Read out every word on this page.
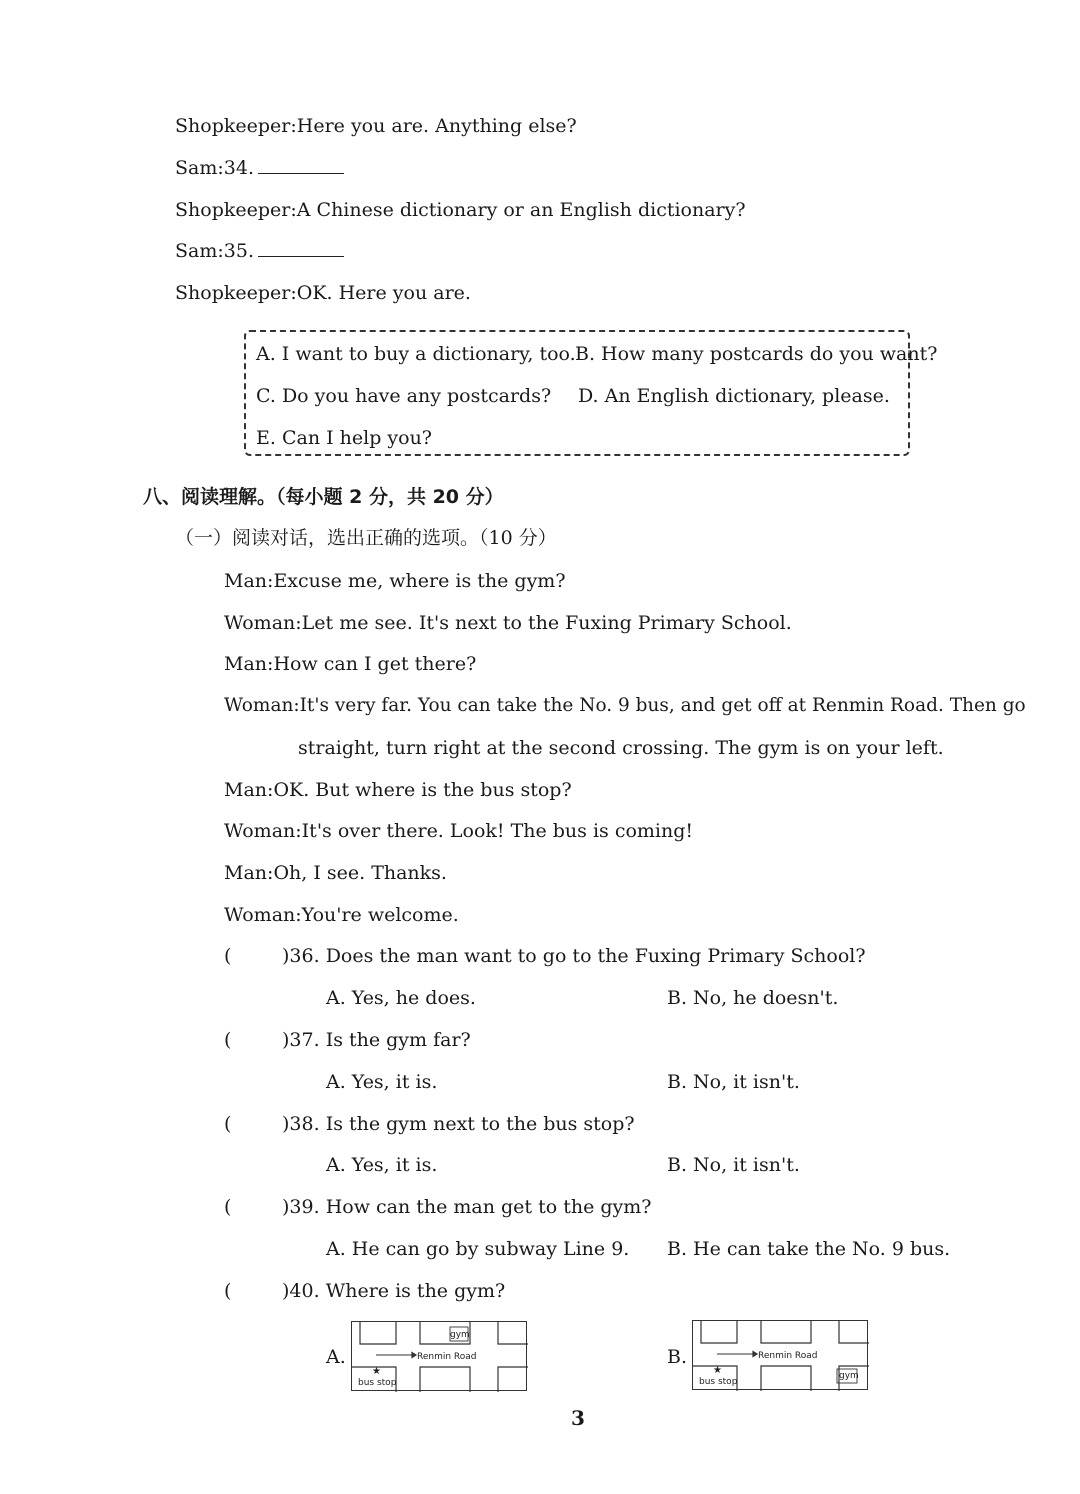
Shopkeeper:Here you are. Anything else?
Sam:34.
Shopkeeper:A Chinese dictionary or an English dictionary?
Sam:35.
Shopkeeper:OK. Here you are.
A. I want to buy a dictionary, too. B. How many postcards do you want?
C. Do you have any postcards? D. An English dictionary, please.
E. Can I help you?
八、阅读理解。（每小题 2 分，共 20 分）
（一）阅读对话，选出正确的选项。（10 分）
Man:Excuse me, where is the gym?
Woman:Let me see. It's next to the Fuxing Primary School.
Man:How can I get there?
Woman:It's very far. You can take the No. 9 bus, and get off at Renmin Road. Then go
straight, turn right at the second crossing. The gym is on your left.
Man:OK. But where is the bus stop?
Woman:It's over there. Look! The bus is coming!
Man:Oh, I see. Thanks.
Woman:You're welcome.
(	)36. Does the man want to go to the Fuxing Primary School?
A. Yes, he does.	B. No, he doesn't.
(	)37. Is the gym far?
A. Yes, it is.	B. No, it isn't.
(	)38. Is the gym next to the bus stop?
A. Yes, it is.	B. No, it isn't.
(	)39. How can the man get to the gym?
A. He can go by subway Line 9. B. He can take the No. 9 bus.
(	)40. Where is the gym?
A.	B.
gym
Renmin Road
★
bus stop
gym
Renmin Road
★
bus stop
3
